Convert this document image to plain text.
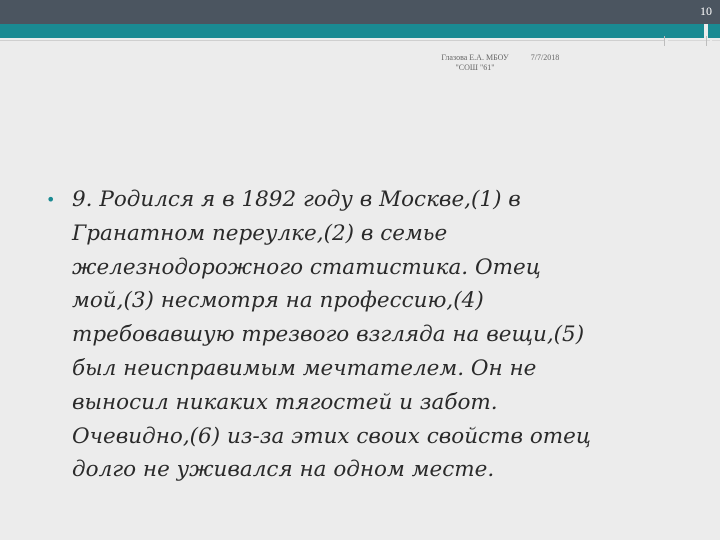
10
Глазова Е.А. МБОУ
"СОШ "61"
7/7/2018
• 9. Родился я в 1892 году в Москве,(1) в
Гранатном переулке,(2) в семье
железнодорожного статистика. Отец
мой,(3) несмотря на профессию,(4)
требовавшую трезвого взгляда на вещи,(5)
был неисправимым мечтателем. Он не
выносил никаких тягостей и забот.
Очевидно,(6) из-за этих своих свойств отец
долго не уживался на одном месте.
